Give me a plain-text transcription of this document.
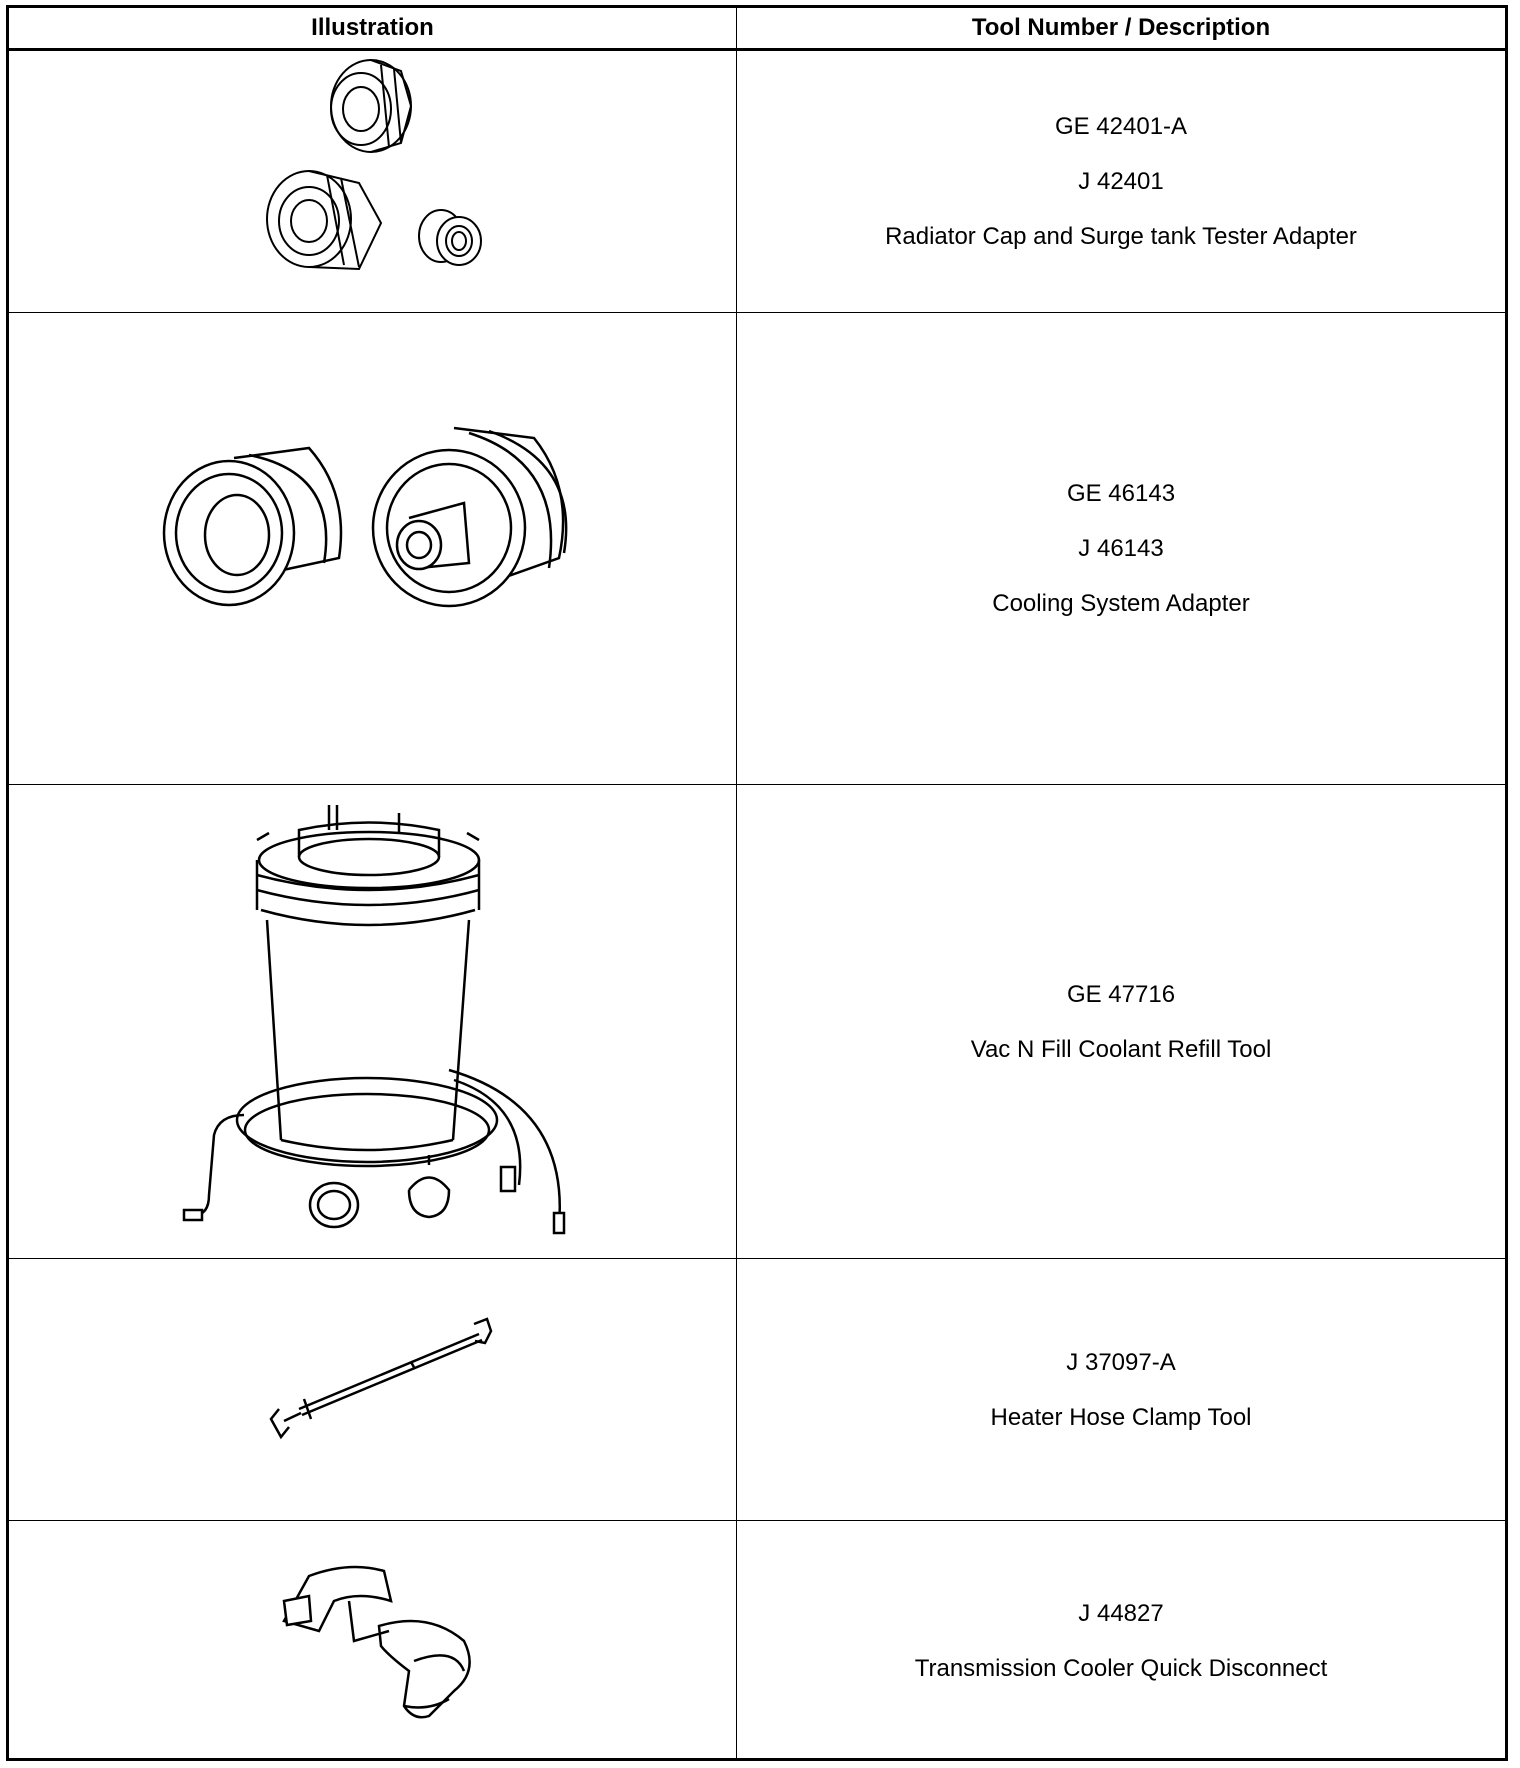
Illustration	Tool Number / Description

GE 42401-A

J 42401

Radiator Cap and Surge tank Tester Adapter

GE 46143

J 46143

Cooling System Adapter

GE 47716

Vac N Fill Coolant Refill Tool

J 37097-A

Heater Hose Clamp Tool

J 44827

Transmission Cooler Quick Disconnect
